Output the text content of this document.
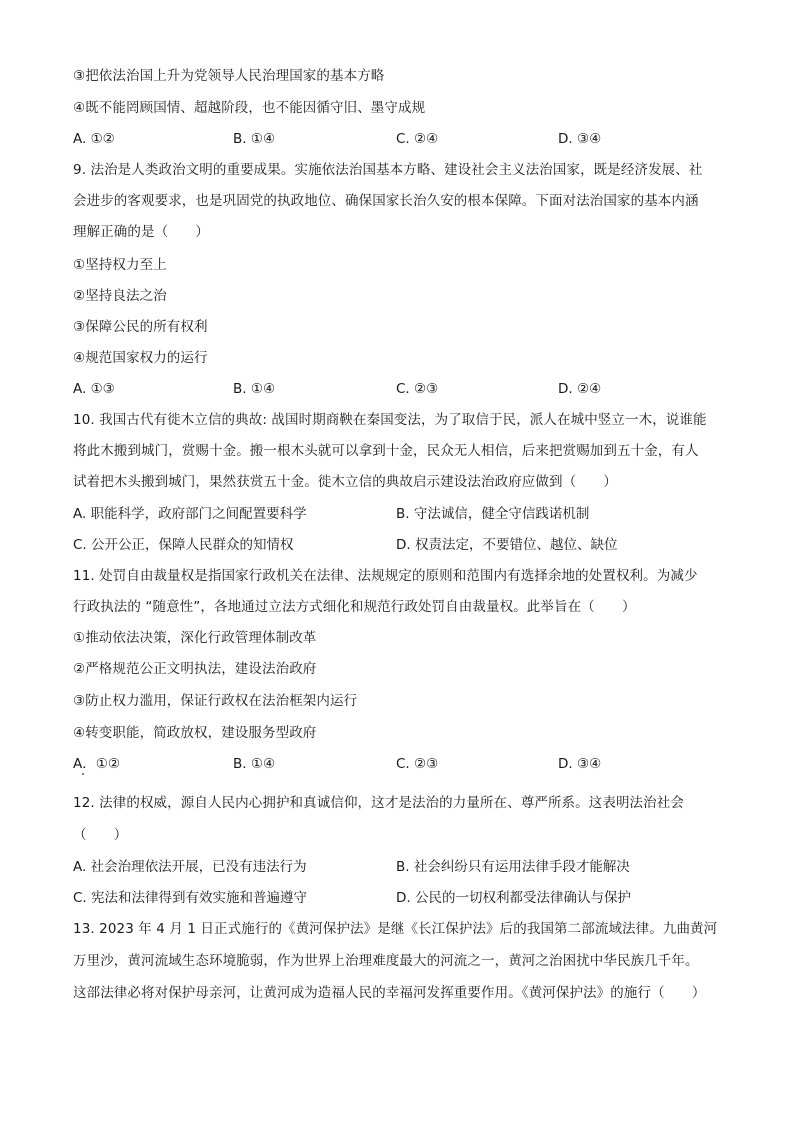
③把依法治国上升为党领导人民治理国家的基本方略
④既不能罔顾国情、超越阶段，也不能因循守旧、墨守成规
A. ①②	B. ①④	C. ②④	D. ③④
9. 法治是人类政治文明的重要成果。实施依法治国基本方略、建设社会主义法治国家，既是经济发展、社
会进步的客观要求，也是巩固党的执政地位、确保国家长治久安的根本保障。下面对法治国家的基本内涵
理解正确的是（　　）
①坚持权力至上
②坚持良法之治
③保障公民的所有权利
④规范国家权力的运行
A. ①③	B. ①④	C. ②③	D. ②④
10. 我国古代有徙木立信的典故: 战国时期商鞅在秦国变法，为了取信于民，派人在城中竖立一木，说谁能
将此木搬到城门，赏赐十金。搬一根木头就可以拿到十金，民众无人相信，后来把赏赐加到五十金，有人
试着把木头搬到城门，果然获赏五十金。徙木立信的典故启示建设法治政府应做到（　　）
A. 职能科学，政府部门之间配置要科学	B. 守法诚信，健全守信践诺机制
C. 公开公正，保障人民群众的知情权	D. 权责法定，不要错位、越位、缺位
11. 处罚自由裁量权是指国家行政机关在法律、法规规定的原则和范围内有选择余地的处置权利。为减少
行政执法的 “随意性”，各地通过立法方式细化和规范行政处罚自由裁量权。此举旨在（　　）
①推动依法决策，深化行政管理体制改革
②严格规范公正文明执法，建设法治政府
③防止权力滥用，保证行政权在法治框架内运行
④转变职能，简政放权，建设服务型政府
A．①②	B. ①④	C. ②③	D. ③④
12. 法律的权威，源自人民内心拥护和真诚信仰，这才是法治的力量所在、尊严所系。这表明法治社会
（　　）
A. 社会治理依法开展，已没有违法行为	B. 社会纠纷只有运用法律手段才能解决
C. 宪法和法律得到有效实施和普遍遵守	D. 公民的一切权利都受法律确认与保护
13. 2023 年 4 月 1 日正式施行的《黄河保护法》是继《长江保护法》后的我国第二部流域法律。九曲黄河
万里沙，黄河流域生态环境脆弱，作为世界上治理难度最大的河流之一，黄河之治困扰中华民族几千年。
这部法律必将对保护母亲河，让黄河成为造福人民的幸福河发挥重要作用。《黄河保护法》的施行（　　）
